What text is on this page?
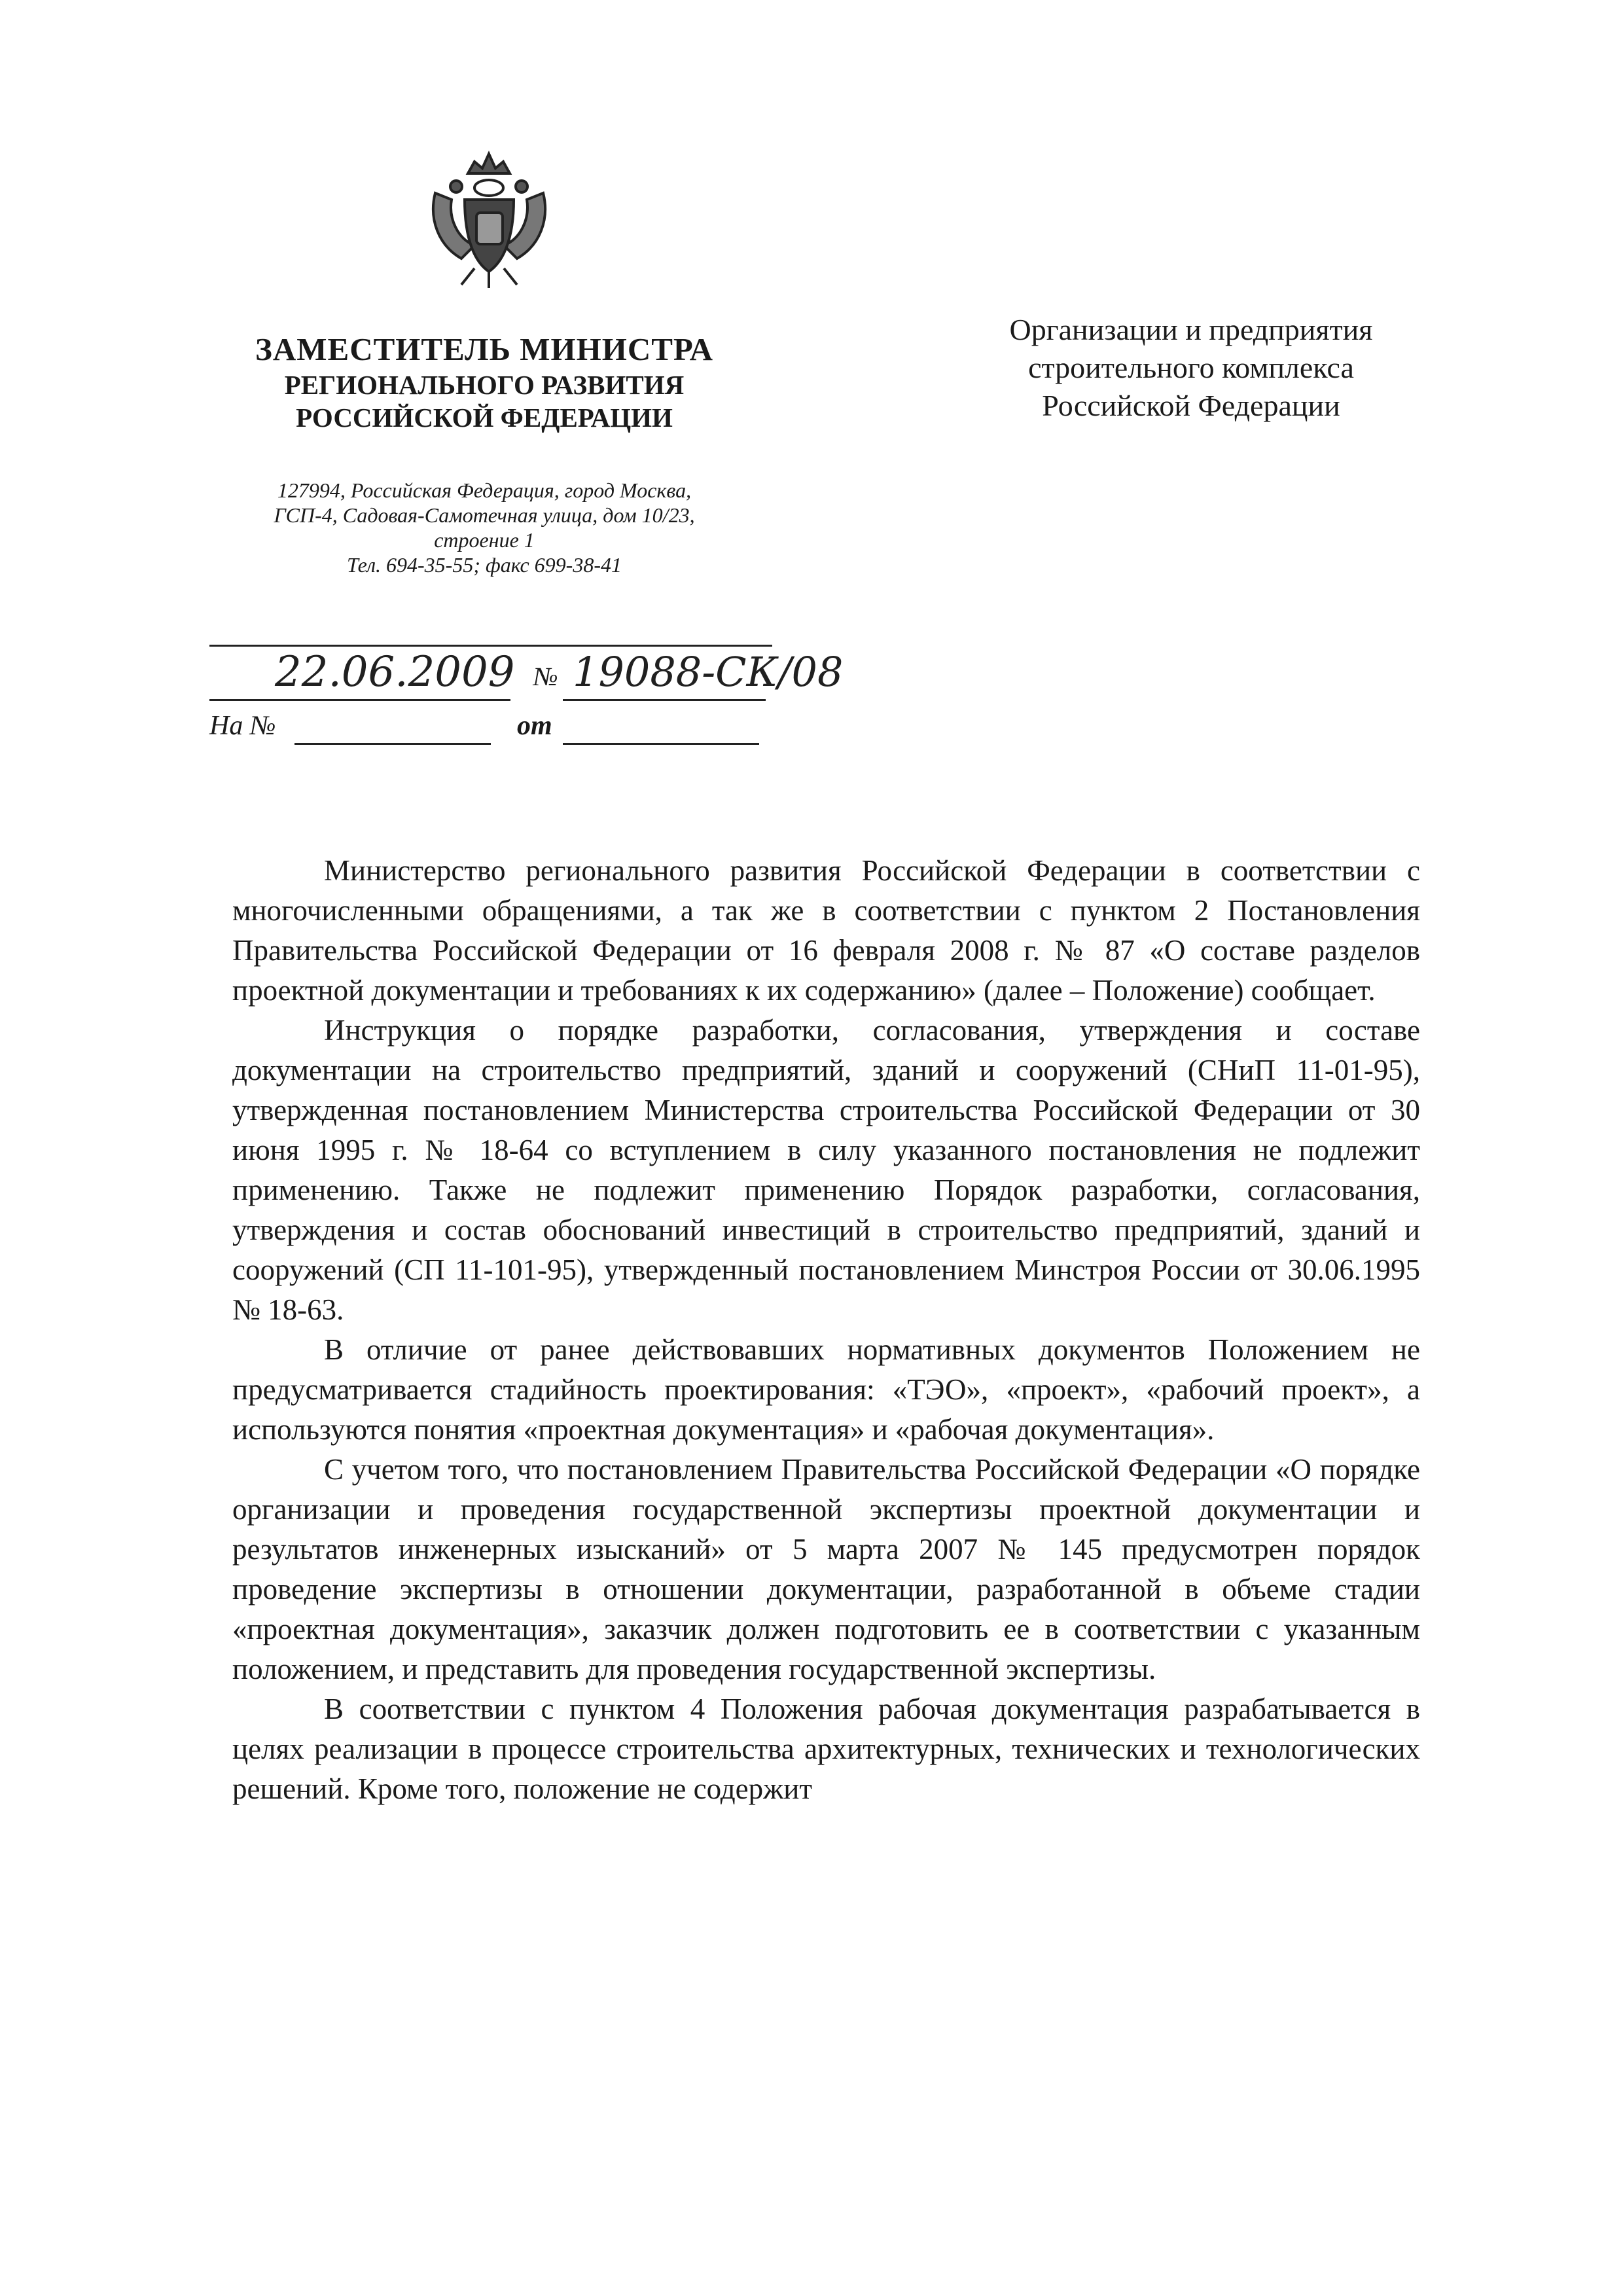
ЗАМЕСТИТЕЛЬ МИНИСТРА
РЕГИОНАЛЬНОГО РАЗВИТИЯ
РОССИЙСКОЙ ФЕДЕРАЦИИ
127994, Российская Федерация, город Москва,
ГСП-4, Садовая-Самотечная улица, дом 10/23,
строение 1
Тел. 694-35-55; факс 699-38-41
Организации и предприятия
строительного комплекса
Российской Федерации
22.06.2009 № 19088-СК/08
На №	от

Министерство регионального развития Российской Федерации в соответствии с многочисленными обращениями, а так же в соответствии с пунктом 2 Постановления Правительства Российской Федерации от 16 февраля 2008 г. № 87 «О составе разделов проектной документации и требованиях к их содержанию» (далее – Положение) сообщает.

Инструкция о порядке разработки, согласования, утверждения и составе документации на строительство предприятий, зданий и сооружений (СНиП 11-01-95), утвержденная постановлением Министерства строительства Российской Федерации от 30 июня 1995 г. № 18-64 со вступлением в силу указанного постановления не подлежит применению. Также не подлежит применению Порядок разработки, согласования, утверждения и состав обоснований инвестиций в строительство предприятий, зданий и сооружений (СП 11-101-95), утвержденный постановлением Минстроя России от 30.06.1995 № 18-63.

В отличие от ранее действовавших нормативных документов Положением не предусматривается стадийность проектирования: «ТЭО», «проект», «рабочий проект», а используются понятия «проектная документация» и «рабочая документация».

С учетом того, что постановлением Правительства Российской Федерации «О порядке организации и проведения государственной экспертизы проектной документации и результатов инженерных изысканий» от 5 марта 2007 № 145 предусмотрен порядок проведение экспертизы в отношении документации, разработанной в объеме стадии «проектная документация», заказчик должен подготовить ее в соответствии с указанным положением, и представить для проведения государственной экспертизы.

В соответствии с пунктом 4 Положения рабочая документация разрабатывается в целях реализации в процессе строительства архитектурных, технических и технологических решений. Кроме того, положение не содержит
